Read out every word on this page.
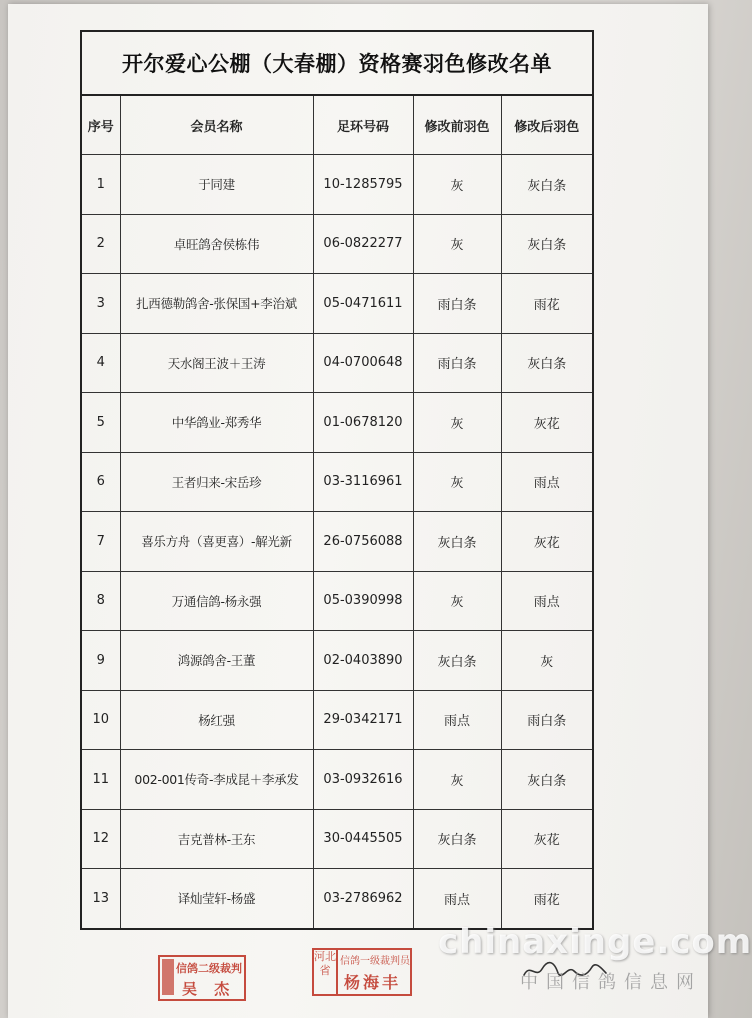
开尔爱心公棚（大春棚）资格赛羽色修改名单
序号	会员名称	足环号码	修改前羽色	修改后羽色
1	于同建	10-1285795	灰	灰白条
2	卓旺鸽舍侯栋伟	06-0822277	灰	灰白条
3	扎西德勒鸽舍-张保国+李治斌	05-0471611	雨白条	雨花
4	天水阁王波＋王涛	04-0700648	雨白条	灰白条
5	中华鸽业-郑秀华	01-0678120	灰	灰花
6	王者归来-宋岳珍	03-3116961	灰	雨点
7	喜乐方舟（喜更喜）-解光新	26-0756088	灰白条	灰花
8	万通信鸽-杨永强	05-0390998	灰	雨点
9	鸿源鸽舍-王董	02-0403890	灰白条	灰
10	杨红强	29-0342171	雨点	雨白条
11	002-001传奇-李成昆＋李承发	03-0932616	灰	灰白条
12	吉克普林-王东	30-0445505	灰白条	灰花
13	译灿莹轩-杨盛	03-2786962	雨点	雨花
信鸽二级裁判
吴 杰
河北省
信鸽一级裁判员
杨海丰
chinaxinge.com
中国信鸽信息网
